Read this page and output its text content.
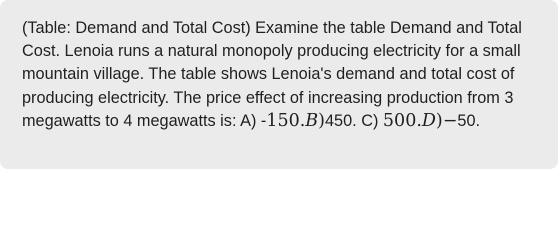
(Table: Demand and Total Cost) Examine the table Demand and Total Cost. Lenoia runs a natural monopoly producing electricity for a small mountain village. The table shows Lenoia's demand and total cost of producing electricity. The price effect of increasing production from 3 megawatts to 4 megawatts is: A) -150.B)450. C) 500.D)−50.
